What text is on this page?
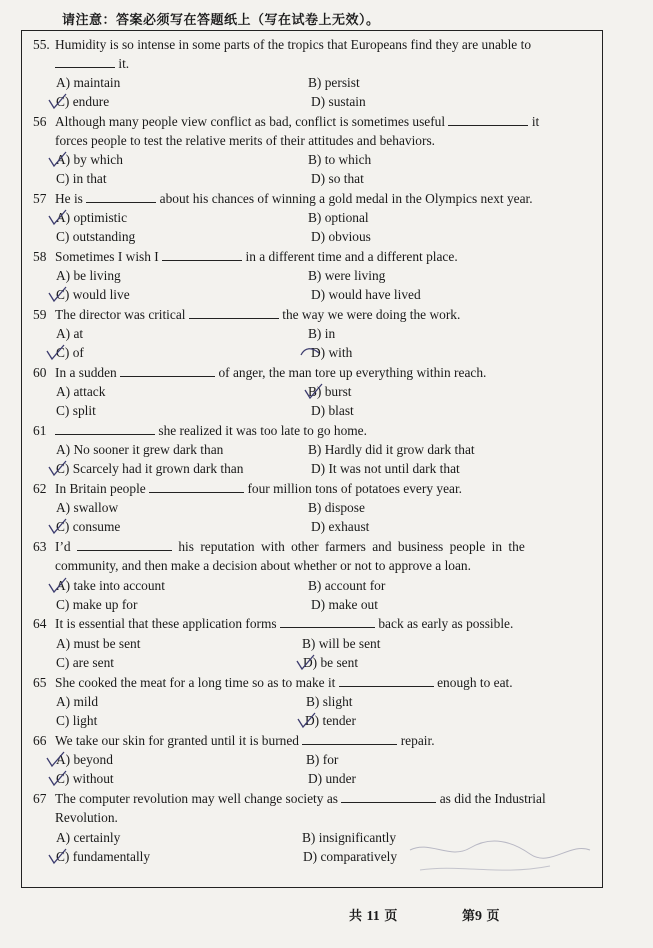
请注意：答案必须写在答题纸上（写在试卷上无效）。
55. Humidity is so intense in some parts of the tropics that Europeans find they are unable to
it.
A) maintain	B) persist
C) endure	D) sustain
56 Although many people view conflict as bad, conflict is sometimes useful	it
forces people to test the relative merits of their attitudes and behaviors.
A) by which	B) to which
C) in that	D) so that
57 He is	about his chances of winning a gold medal in the Olympics next year.
A) optimistic	B) optional
C) outstanding	D) obvious
58 Sometimes I wish I	in a different time and a different place.
A) be living	B) were living
C) would live	D) would have lived
59 The director was critical	the way we were doing the work.
A) at	B) in
C) of	D) with
60 In a sudden	of anger, the man tore up everything within reach.
A) attack	B) burst
C) split	D) blast
61	she realized it was too late to go home.
A) No sooner it grew dark than	B) Hardly did it grow dark that
C) Scarcely had it grown dark than	D) It was not until dark that
62 In Britain people	four million tons of potatoes every year.
A) swallow	B) dispose
C) consume	D) exhaust
63 I’d	his reputation with other farmers and business people in the
community, and then make a decision about whether or not to approve a loan.
A) take into account	B) account for
C) make up for	D) make out
64 It is essential that these application forms	back as early as possible.
A) must be sent	B) will be sent
C) are sent	D) be sent
65 She cooked the meat for a long time so as to make it	enough to eat.
A) mild	B) slight
C) light	D) tender
66 We take our skin for granted until it is burned	repair.
A) beyond	B) for
C) without	D) under
67 The computer revolution may well change society as	as did the Industrial
Revolution.
A) certainly	B) insignificantly
C) fundamentally	D) comparatively
共 11 页	第9 页
